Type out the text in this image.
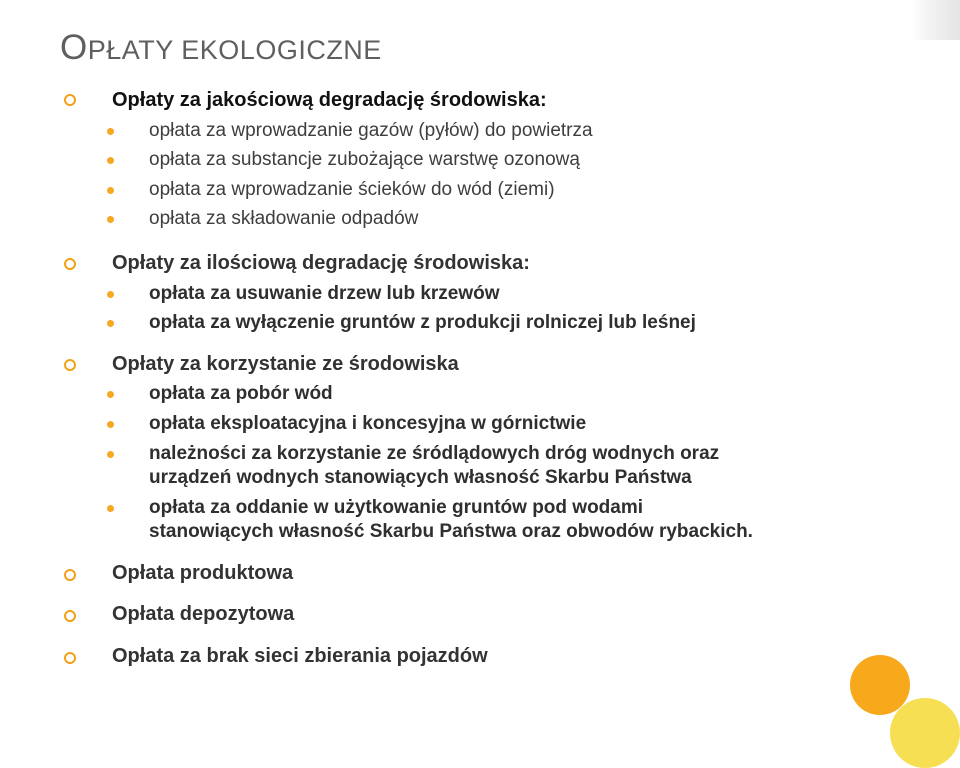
OPŁATY EKOLOGICZNE
Opłaty za jakościową degradację środowiska:
opłata za wprowadzanie gazów (pyłów) do powietrza
opłata za substancje zubożające warstwę ozonową
opłata za wprowadzanie ścieków do wód (ziemi)
opłata za składowanie odpadów
Opłaty za ilościową degradację środowiska:
opłata za usuwanie drzew lub krzewów
opłata za wyłączenie gruntów z produkcji rolniczej lub leśnej
Opłaty za korzystanie ze środowiska
opłata za pobór wód
opłata eksploatacyjna i koncesyjna w górnictwie
należności za korzystanie ze śródlądowych dróg wodnych oraz
urządzeń wodnych stanowiących własność Skarbu Państwa
opłata za oddanie w użytkowanie gruntów pod wodami
stanowiących własność Skarbu Państwa oraz obwodów rybackich.
Opłata produktowa
Opłata depozytowa
Opłata za brak sieci zbierania pojazdów
